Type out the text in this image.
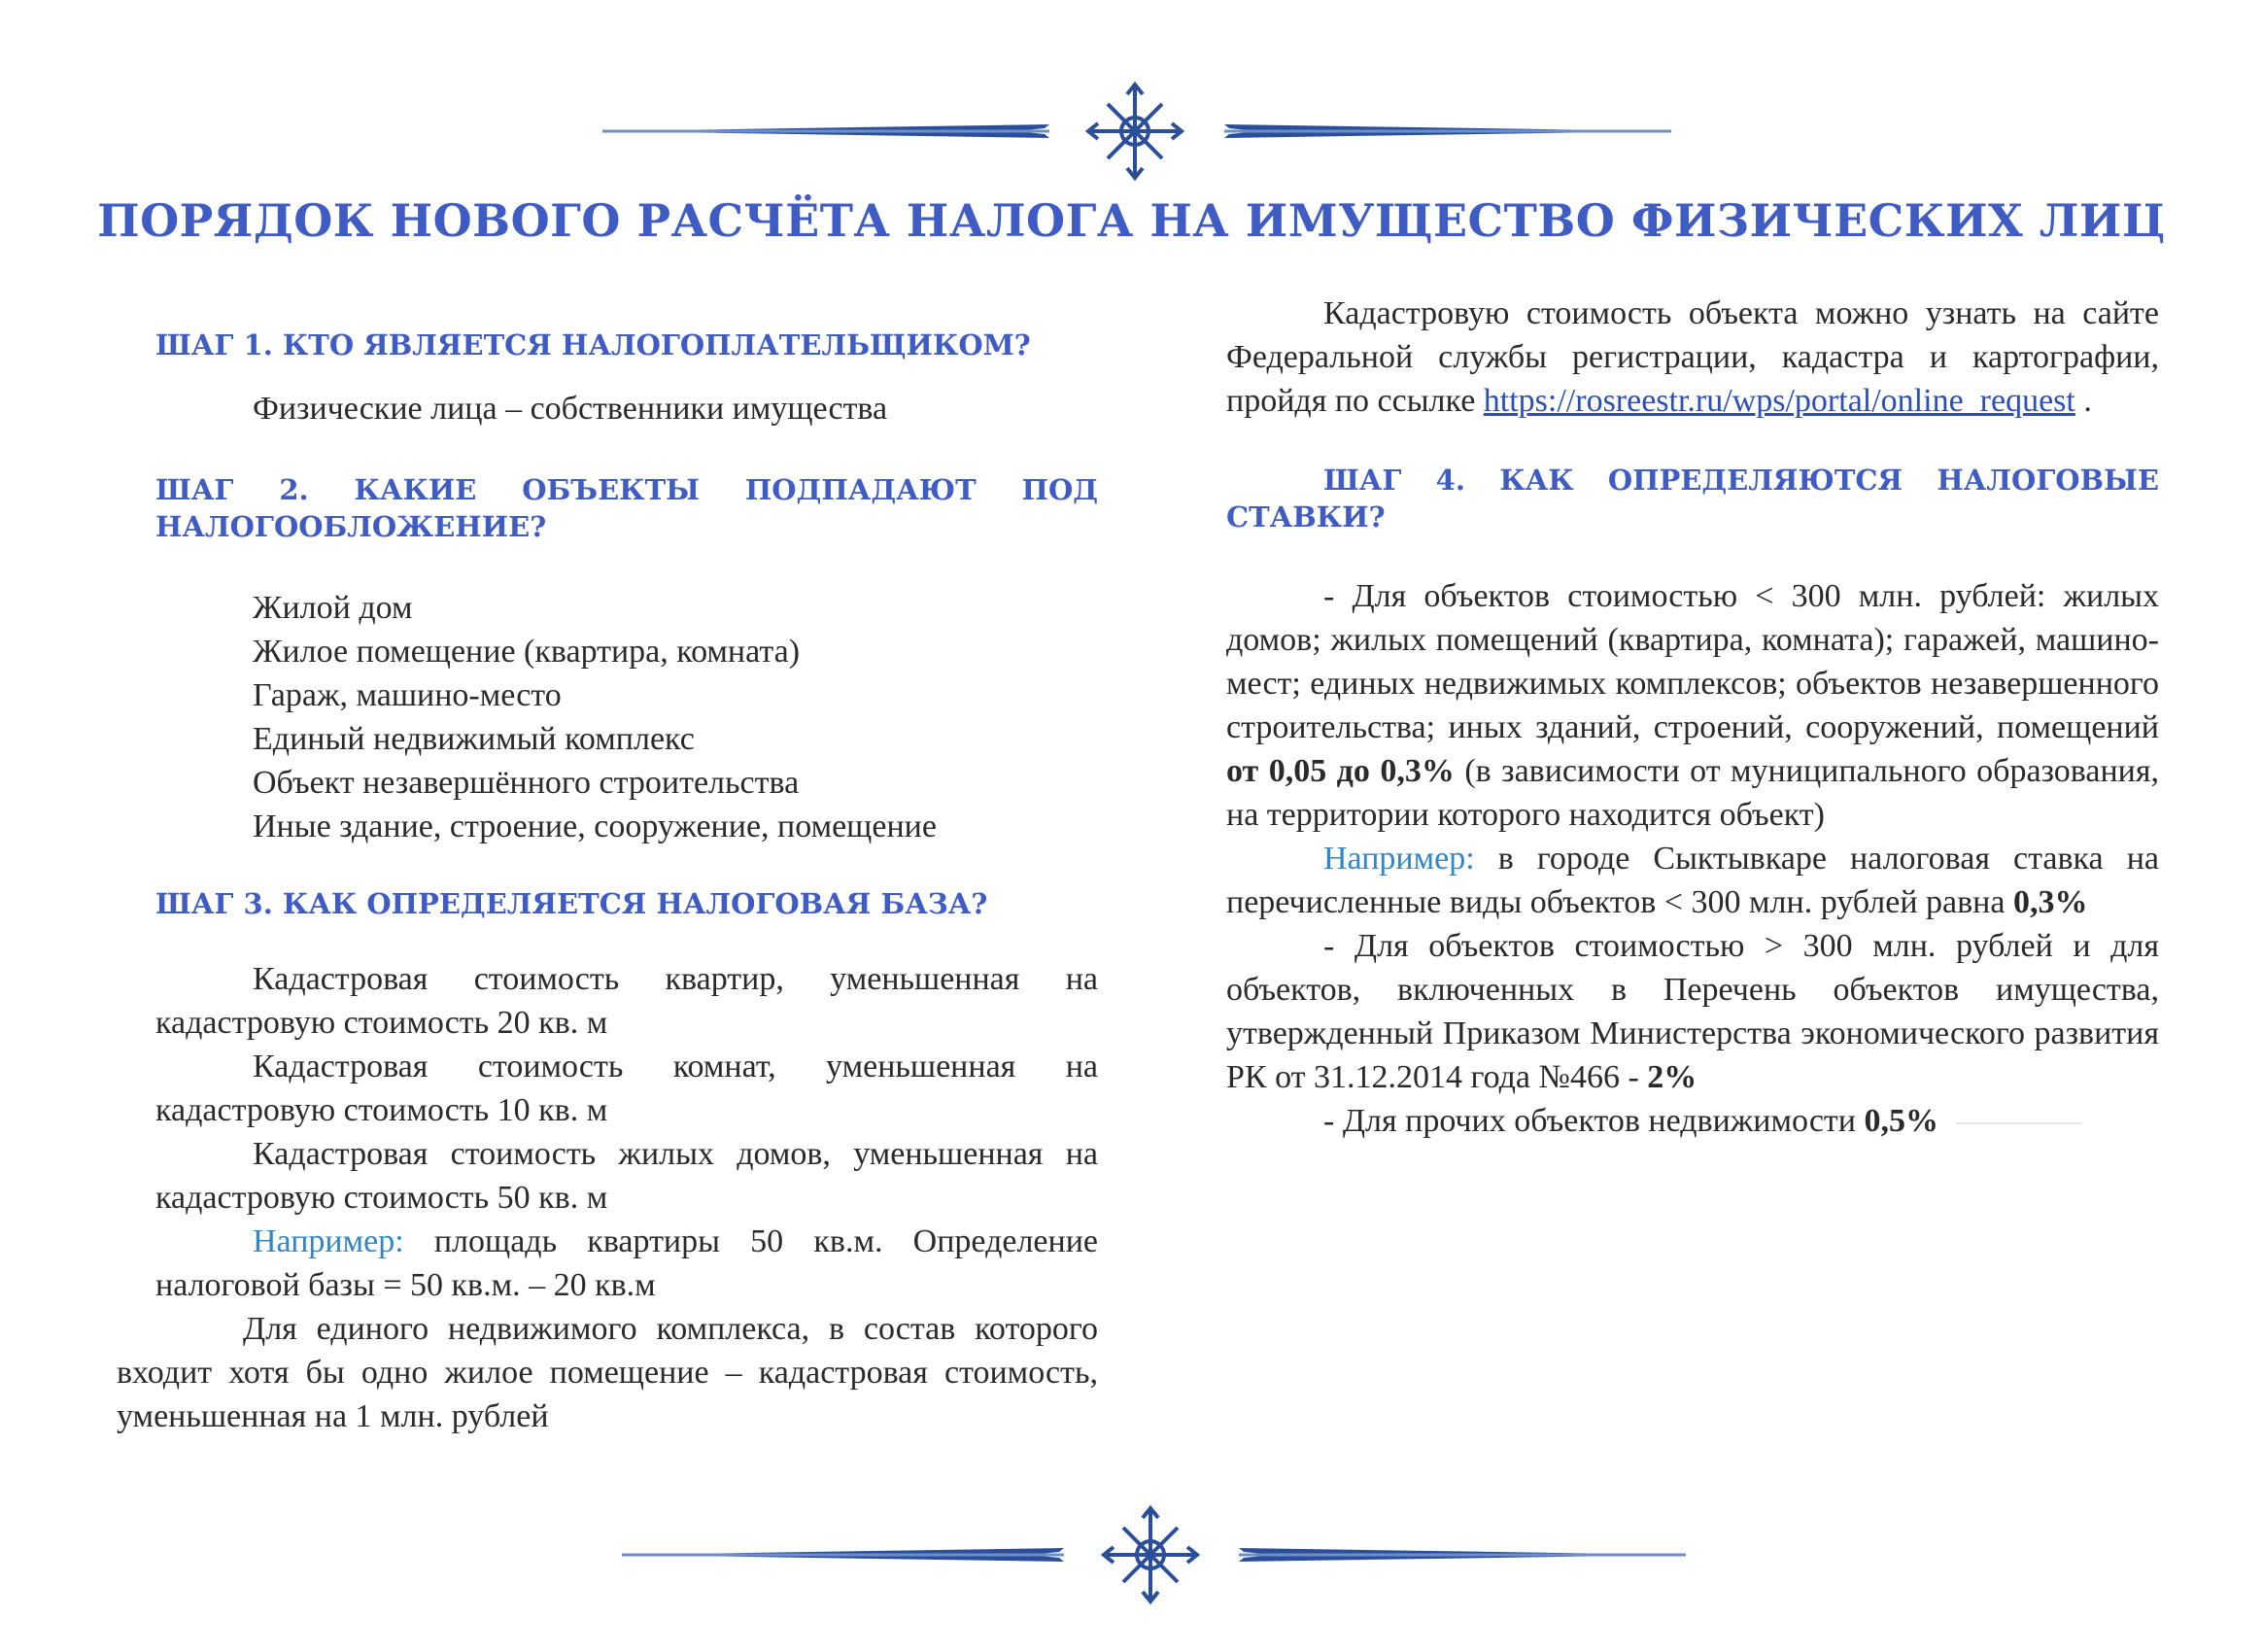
ПОРЯДОК НОВОГО РАСЧЁТА НАЛОГА НА ИМУЩЕСТВО ФИЗИЧЕСКИХ ЛИЦ
ШАГ 1. КТО ЯВЛЯЕТСЯ НАЛОГОПЛАТЕЛЬЩИКОМ?
Физические лица – собственники имущества
ШАГ 2. КАКИЕ ОБЪЕКТЫ ПОДПАДАЮТ ПОД НАЛОГООБЛОЖЕНИЕ?
Жилой дом
Жилое помещение (квартира, комната)
Гараж, машино-место
Единый недвижимый комплекс
Объект незавершённого строительства
Иные здание, строение, сооружение, помещение
ШАГ 3. КАК ОПРЕДЕЛЯЕТСЯ НАЛОГОВАЯ БАЗА?
Кадастровая стоимость квартир, уменьшенная на кадастровую стоимость 20 кв. м
Кадастровая стоимость комнат, уменьшенная на кадастровую стоимость 10 кв. м
Кадастровая стоимость жилых домов, уменьшенная на кадастровую стоимость 50 кв. м
Например: площадь квартиры 50 кв.м. Определение налоговой базы = 50 кв.м. – 20 кв.м
Для единого недвижимого комплекса, в состав которого входит хотя бы одно жилое помещение – кадастровая стоимость, уменьшенная на 1 млн. рублей
Кадастровую стоимость объекта можно узнать на сайте Федеральной службы регистрации, кадастра и картографии, пройдя по ссылке https://rosreestr.ru/wps/portal/online_request .
ШАГ 4. КАК ОПРЕДЕЛЯЮТСЯ НАЛОГОВЫЕ СТАВКИ?
- Для объектов стоимостью < 300 млн. рублей: жилых домов; жилых помещений (квартира, комната); гаражей, машино-мест; единых недвижимых комплексов; объектов незавершенного строительства; иных зданий, строений, сооружений, помещений от 0,05 до 0,3% (в зависимости от муниципального образования, на территории которого находится объект)
Например: в городе Сыктывкаре налоговая ставка на перечисленные виды объектов < 300 млн. рублей равна 0,3%
- Для объектов стоимостью > 300 млн. рублей и для объектов, включенных в Перечень объектов имущества, утвержденный Приказом Министерства экономического развития РК от 31.12.2014 года №466 - 2%
- Для прочих объектов недвижимости 0,5%
